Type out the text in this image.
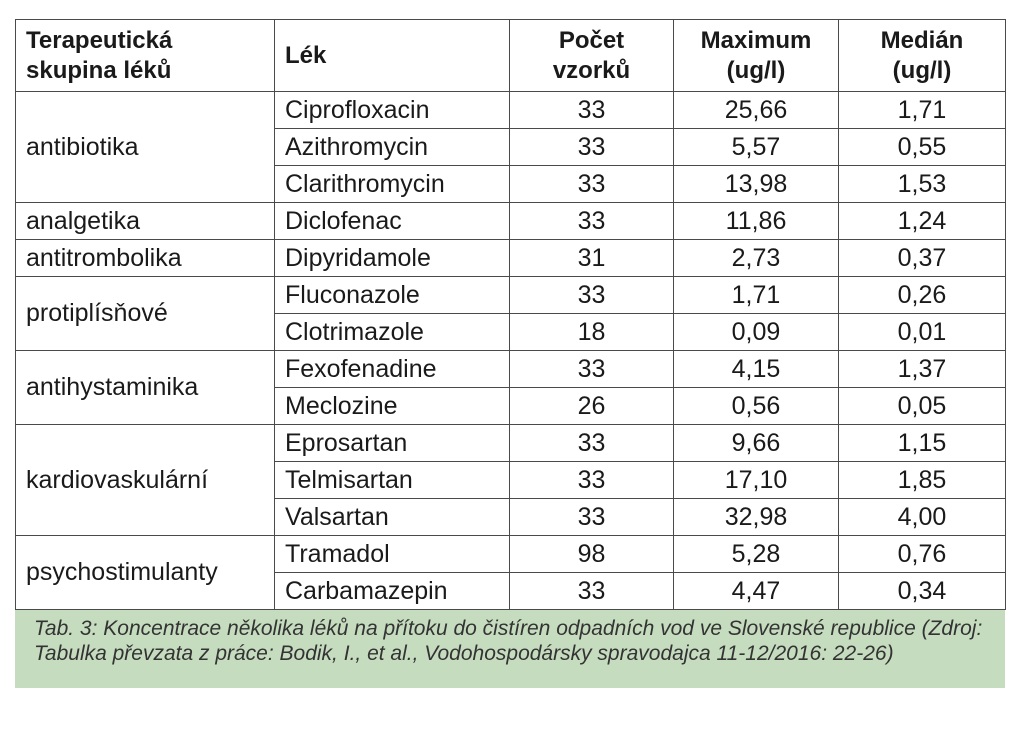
Terapeutická skupina léků	Lék	Počet vzorků	Maximum (ug/l)	Medián (ug/l)
antibiotika	Ciprofloxacin	33	25,66	1,71
	Azithromycin	33	5,57	0,55
	Clarithromycin	33	13,98	1,53
analgetika	Diclofenac	33	11,86	1,24
antitrombolika	Dipyridamole	31	2,73	0,37
protiplísňové	Fluconazole	33	1,71	0,26
	Clotrimazole	18	0,09	0,01
antihystaminika	Fexofenadine	33	4,15	1,37
	Meclozine	26	0,56	0,05
kardiovaskulární	Eprosartan	33	9,66	1,15
	Telmisartan	33	17,10	1,85
	Valsartan	33	32,98	4,00
psychostimulanty	Tramadol	98	5,28	0,76
	Carbamazepin	33	4,47	0,34
Tab. 3: Koncentrace několika léků na přítoku do čistíren odpadních vod ve Slovenské republice (Zdroj: Tabulka převzata z práce: Bodik, I., et al., Vodohospodársky spravodajca 11-12/2016: 22-26)
